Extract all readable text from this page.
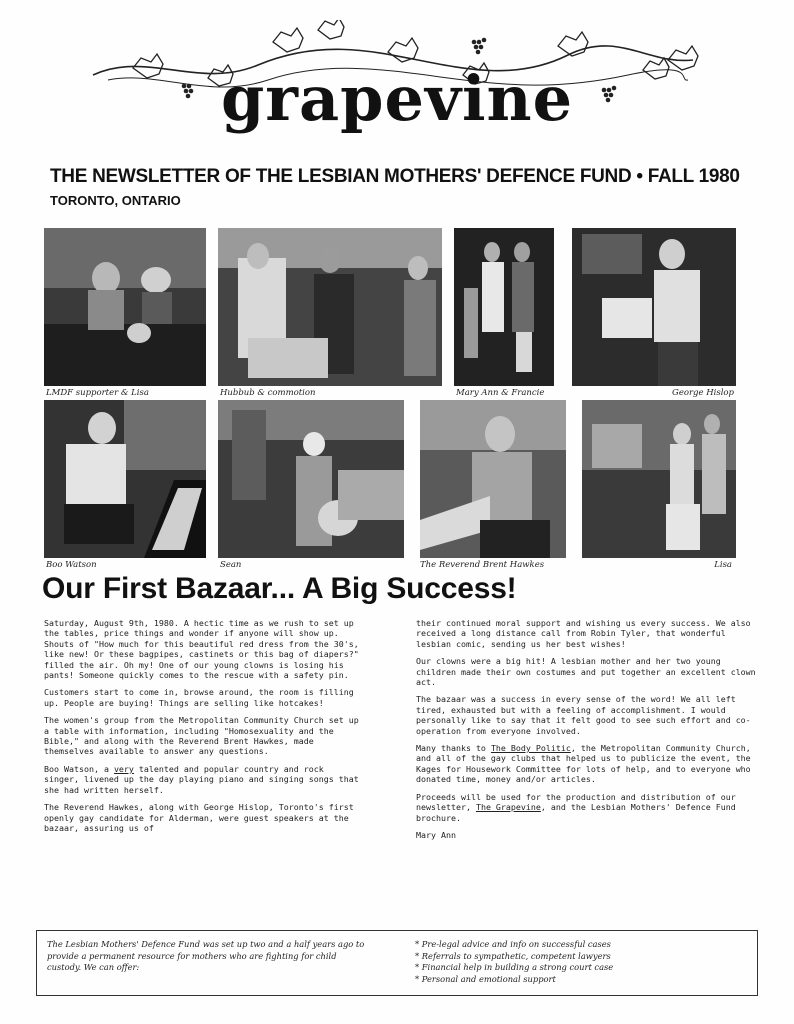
grapevine
THE NEWSLETTER OF THE LESBIAN MOTHERS' DEFENCE FUND • FALL 1980
TORONTO, ONTARIO
LMDF supporter & Lisa	Hubbub & commotion	Mary Ann & Francie	George Hislop
Boo Watson	Sean	The Reverend Brent Hawkes	Lisa
Our First Bazaar... A Big Success!

Saturday, August 9th, 1980. A hectic time as we rush to set up the tables, price things and wonder if anyone will show up. Shouts of "How much for this beautiful red dress from the 30's, like new! Or these bagpipes, castinets or this bag of diapers?" filled the air. Oh my! One of our young clowns is losing his pants! Someone quickly comes to the rescue with a safety pin.

Customers start to come in, browse around, the room is filling up. People are buying! Things are selling like hotcakes!

The women's group from the Metropolitan Community Church set up a table with information, including "Homosexuality and the Bible," and along with the Reverend Brent Hawkes, made themselves available to answer any questions.

Boo Watson, a very talented and popular country and rock singer, livened up the day playing piano and singing songs that she had written herself.

The Reverend Hawkes, along with George Hislop, Toronto's first openly gay candidate for Alderman, were guest speakers at the bazaar, assuring us of

their continued moral support and wishing us every success. We also received a long distance call from Robin Tyler, that wonderful lesbian comic, sending us her best wishes!

Our clowns were a big hit! A lesbian mother and her two young children made their own costumes and put together an excellent clown act.

The bazaar was a success in every sense of the word! We all left tired, exhausted but with a feeling of accomplishment. I would personally like to say that it felt good to see such effort and co-operation from everyone involved.

Many thanks to The Body Politic, the Metropolitan Community Church, and all of the gay clubs that helped us to publicize the event, the Kages for Housework Committee for lots of help, and to everyone who donated time, money and/or articles.

Proceeds will be used for the production and distribution of our newsletter, The Grapevine, and the Lesbian Mothers' Defence Fund brochure.

Mary Ann

The Lesbian Mothers' Defence Fund was set up two and a half years ago to provide a permanent resource for mothers who are fighting for child custody. We can offer:
* Pre-legal advice and info on successful cases
* Referrals to sympathetic, competent lawyers
* Financial help in building a strong court case
* Personal and emotional support
